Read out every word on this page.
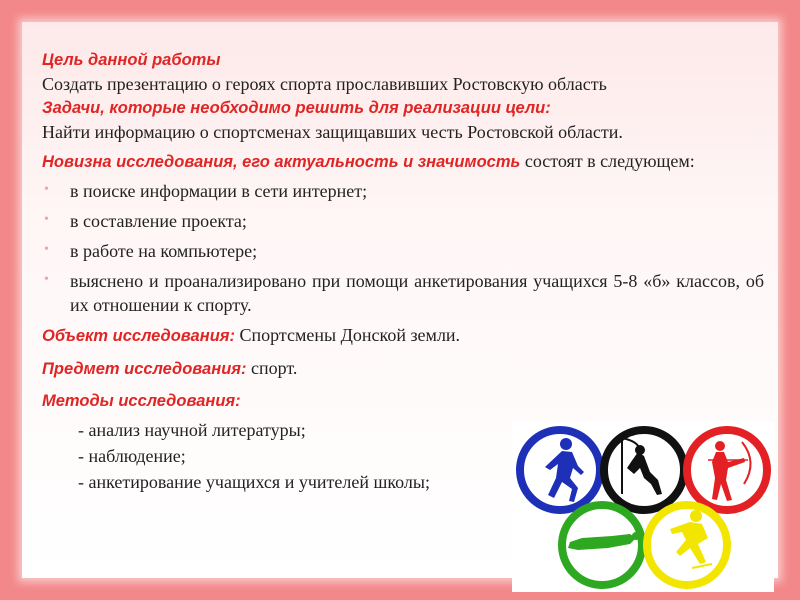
Цель данной работы

Создать презентацию о героях спорта прославивших Ростовскую область

Задачи, которые необходимо решить для реализации цели:

Найти информацию о спортсменах защищавших честь Ростовской области.

Новизна исследования, его актуальность и значимость состоят в следующем:

• в поиске информации в сети интернет;
• в составление проекта;
• в работе на компьютере;
• выяснено и проанализировано при помощи анкетирования учащихся 5-8 «б» классов, об их отношении к спорту.

Объект исследования: Спортсмены Донской земли.

Предмет исследования: спорт.

Методы исследования:

- анализ научной литературы;
- наблюдение;
- анкетирование учащихся и учителей школы;
